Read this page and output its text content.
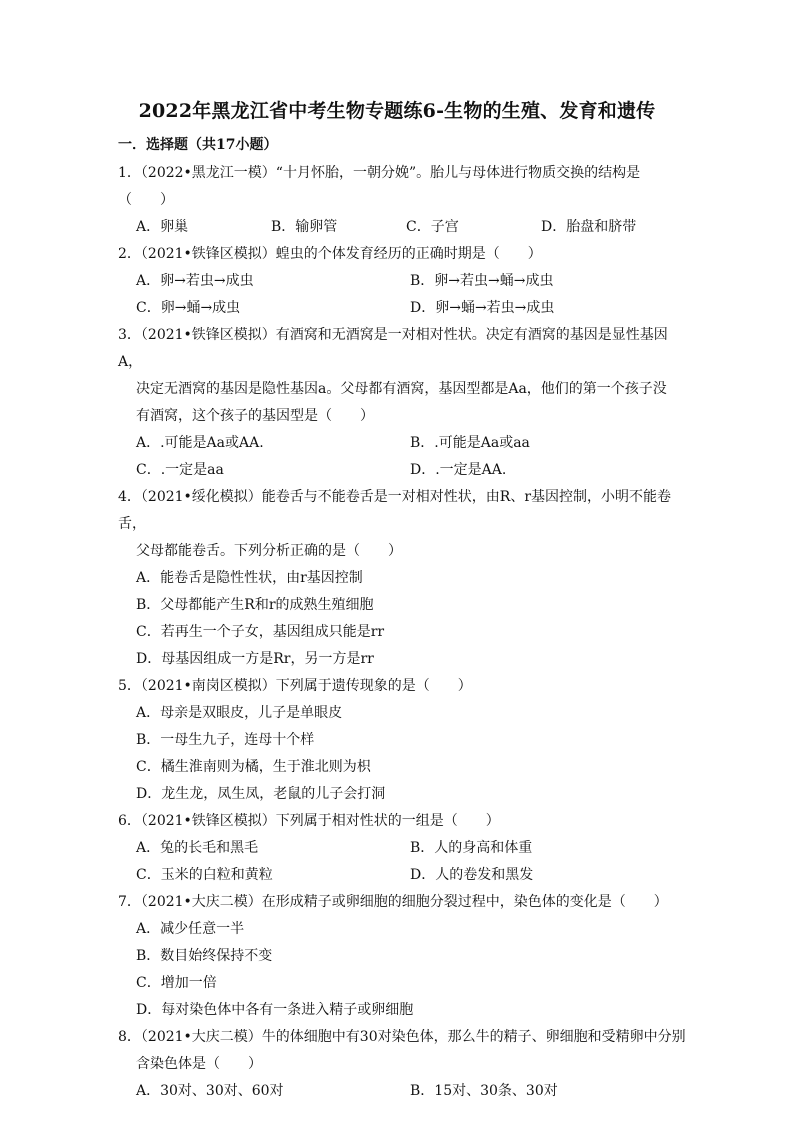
2022年黑龙江省中考生物专题练6-生物的生殖、发育和遗传
一．选择题（共17小题）
1．（2022•黑龙江一模）“十月怀胎，一朝分娩”。胎儿与母体进行物质交换的结构是（　　）
A．卵巢	B．输卵管	C．子宫	D．胎盘和脐带
2．（2021•铁锋区模拟）蝗虫的个体发育经历的正确时期是（　　）
A．卵→若虫→成虫	B．卵→若虫→蛹→成虫
C．卵→蛹→成虫	D．卵→蛹→若虫→成虫
3．（2021•铁锋区模拟）有酒窝和无酒窝是一对相对性状。决定有酒窝的基因是显性基因A，
决定无酒窝的基因是隐性基因a。父母都有酒窝，基因型都是Aa，他们的第一个孩子没
有酒窝，这个孩子的基因型是（　　）
A．.可能是Aa或AA.	B．.可能是Aa或aa
C．.一定是aa	D．.一定是AA.
4．（2021•绥化模拟）能卷舌与不能卷舌是一对相对性状，由R、r基因控制，小明不能卷舌，
父母都能卷舌。下列分析正确的是（　　）
A．能卷舌是隐性性状，由r基因控制
B．父母都能产生R和r的成熟生殖细胞
C．若再生一个子女，基因组成只能是rr
D．母基因组成一方是Rr，另一方是rr
5．（2021•南岗区模拟）下列属于遗传现象的是（　　）
A．母亲是双眼皮，儿子是单眼皮
B．一母生九子，连母十个样
C．橘生淮南则为橘，生于淮北则为枳
D．龙生龙，凤生凤，老鼠的儿子会打洞
6．（2021•铁锋区模拟）下列属于相对性状的一组是（　　）
A．兔的长毛和黑毛	B．人的身高和体重
C．玉米的白粒和黄粒	D．人的卷发和黑发
7．（2021•大庆二模）在形成精子或卵细胞的细胞分裂过程中，染色体的变化是（　　）
A．减少任意一半
B．数目始终保持不变
C．增加一倍
D．每对染色体中各有一条进入精子或卵细胞
8．（2021•大庆二模）牛的体细胞中有30对染色体，那么牛的精子、卵细胞和受精卵中分别
含染色体是（　　）
A．30对、30对、60对	B．15对、30条、30对
